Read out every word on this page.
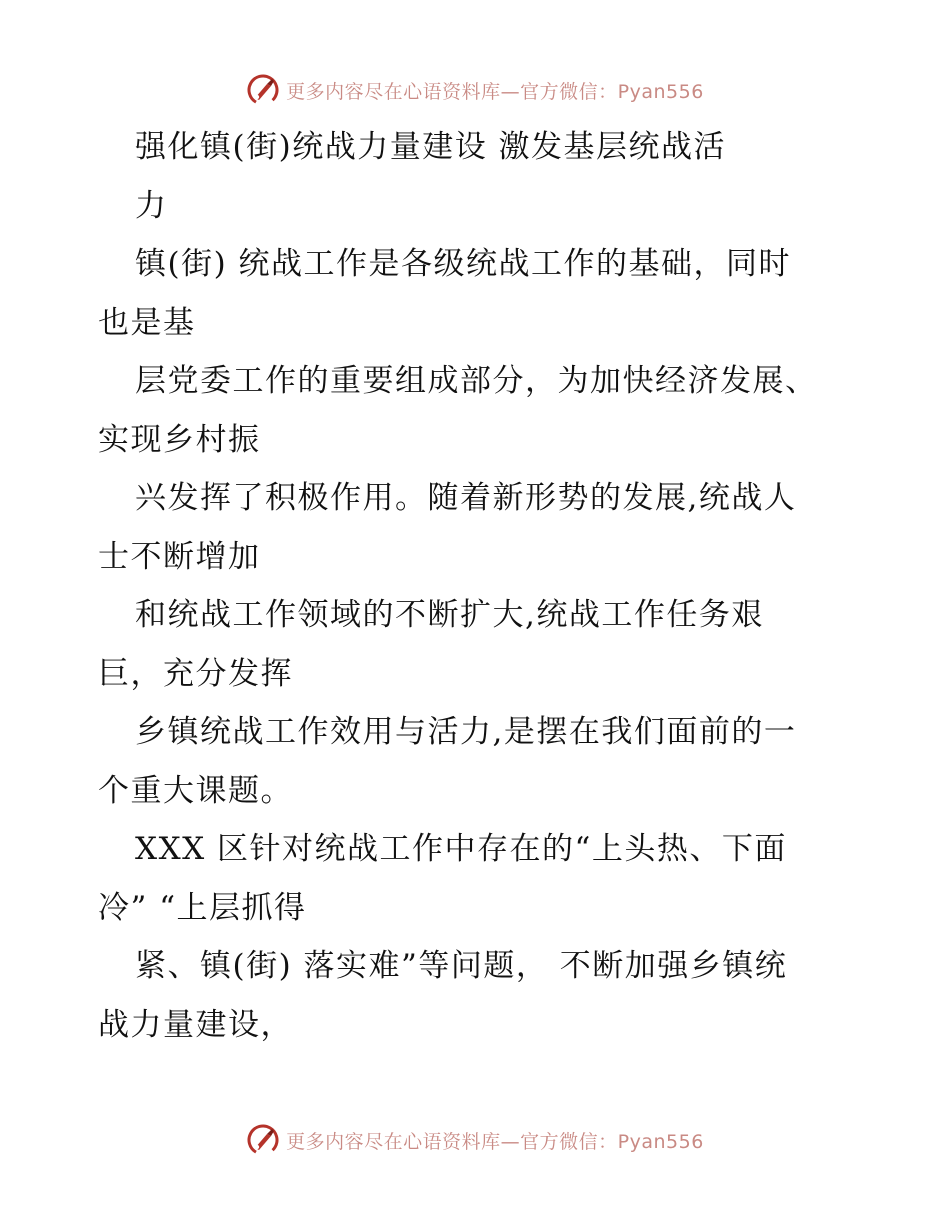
更多内容尽在心语资料库—官方微信：Pyan556
强化镇(街)统战力量建设 激发基层统战活
力
镇(街) 统战工作是各级统战工作的基础，同时
也是基
层党委工作的重要组成部分，为加快经济发展、
实现乡村振
兴发挥了积极作用。随着新形势的发展,统战人
士不断增加
和统战工作领域的不断扩大,统战工作任务艰
巨，充分发挥
乡镇统战工作效用与活力,是摆在我们面前的一
个重大课题。
XXX 区针对统战工作中存在的“上头热、下面
冷” “上层抓得
紧、镇(街) 落实难”等问题， 不断加强乡镇统
战力量建设，
更多内容尽在心语资料库—官方微信：Pyan556
